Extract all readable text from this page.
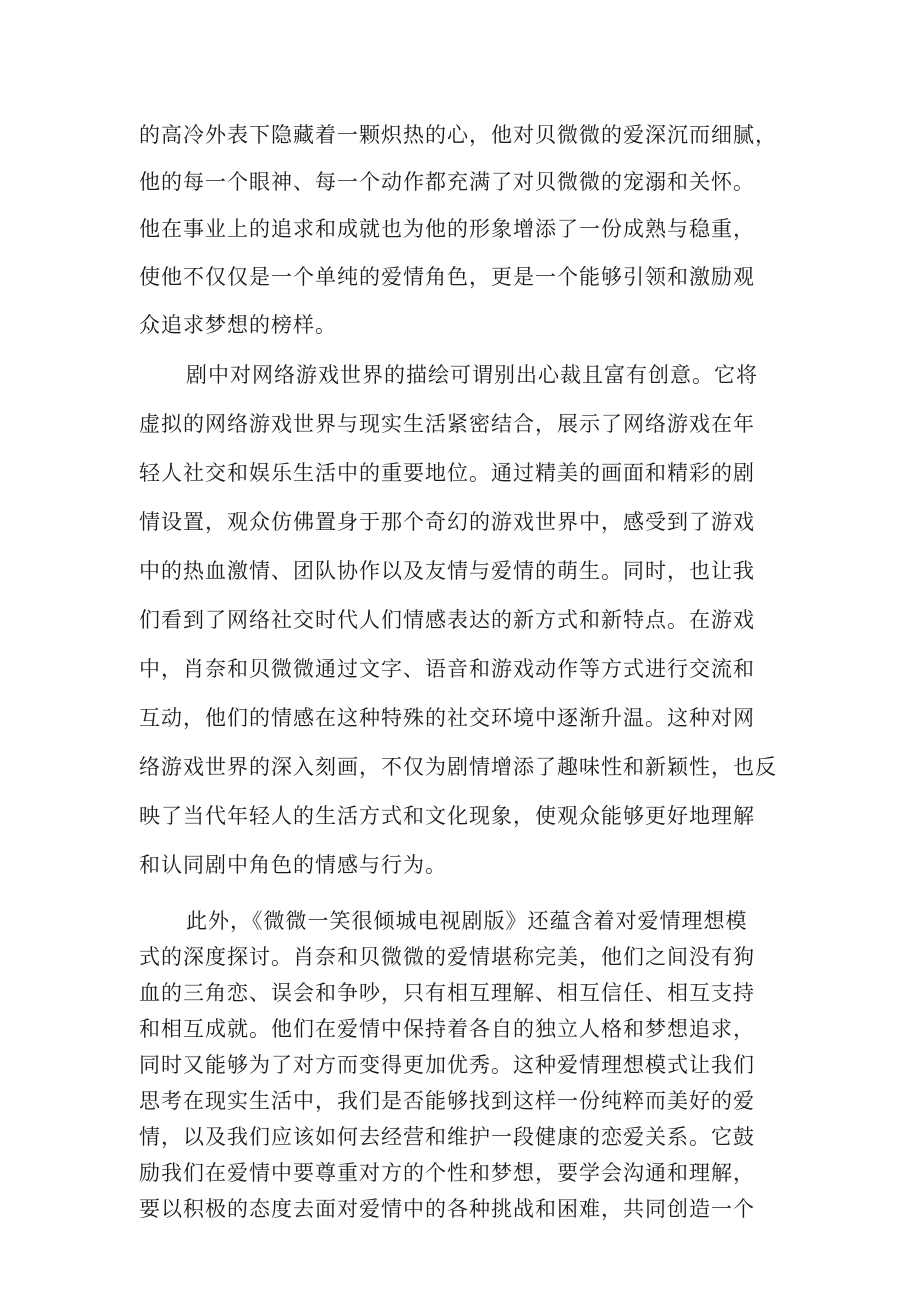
的高冷外表下隐藏着一颗炽热的心，他对贝微微的爱深沉而细腻，
他的每一个眼神、每一个动作都充满了对贝微微的宠溺和关怀。
他在事业上的追求和成就也为他的形象增添了一份成熟与稳重，
使他不仅仅是一个单纯的爱情角色，更是一个能够引领和激励观
众追求梦想的榜样。
剧中对网络游戏世界的描绘可谓别出心裁且富有创意。它将
虚拟的网络游戏世界与现实生活紧密结合，展示了网络游戏在年
轻人社交和娱乐生活中的重要地位。通过精美的画面和精彩的剧
情设置，观众仿佛置身于那个奇幻的游戏世界中，感受到了游戏
中的热血激情、团队协作以及友情与爱情的萌生。同时，也让我
们看到了网络社交时代人们情感表达的新方式和新特点。在游戏
中，肖奈和贝微微通过文字、语音和游戏动作等方式进行交流和
互动，他们的情感在这种特殊的社交环境中逐渐升温。这种对网
络游戏世界的深入刻画，不仅为剧情增添了趣味性和新颖性，也反
映了当代年轻人的生活方式和文化现象，使观众能够更好地理解
和认同剧中角色的情感与行为。
此外，《微微一笑很倾城电视剧版》还蕴含着对爱情理想模
式的深度探讨。肖奈和贝微微的爱情堪称完美，他们之间没有狗
血的三角恋、误会和争吵，只有相互理解、相互信任、相互支持
和相互成就。他们在爱情中保持着各自的独立人格和梦想追求，
同时又能够为了对方而变得更加优秀。这种爱情理想模式让我们
思考在现实生活中，我们是否能够找到这样一份纯粹而美好的爱
情，以及我们应该如何去经营和维护一段健康的恋爱关系。它鼓
励我们在爱情中要尊重对方的个性和梦想，要学会沟通和理解，
要以积极的态度去面对爱情中的各种挑战和困难，共同创造一个
